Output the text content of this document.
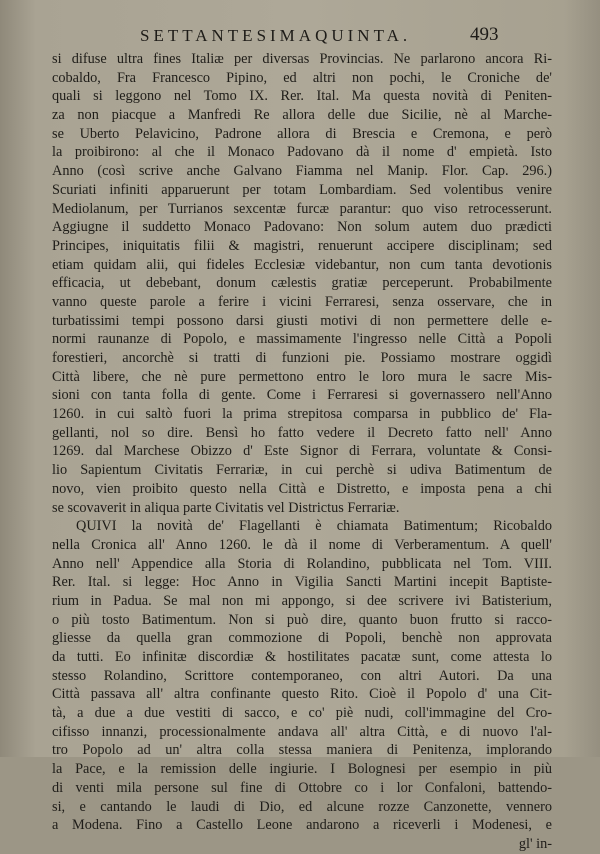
SETTANTESIMAQUINTA.	493
si difuse ultra fines Italiæ per diversas Provincias. Ne parlarono ancora Ri-
cobaldo, Fra Francesco Pipino, ed altri non pochi, le Croniche de'
quali si leggono nel Tomo IX. Rer. Ital. Ma questa novità di Peniten-
za non piacque a Manfredi Re allora delle due Sicilie, nè al Marche-
se Uberto Pelavicino, Padrone allora di Brescia e Cremona, e però
la proibirono: al che il Monaco Padovano dà il nome d' empietà. Isto
Anno (così scrive anche Galvano Fiamma nel Manip. Flor. Cap. 296.)
Scuriati infiniti apparuerunt per totam Lombardiam. Sed volentibus venire
Mediolanum, per Turrianos sexcentæ furcæ parantur: quo viso retrocesserunt.
Aggiugne il suddetto Monaco Padovano: Non solum autem duo prædicti
Principes, iniquitatis filii & magistri, renuerunt accipere disciplinam; sed
etiam quidam alii, qui fideles Ecclesiæ videbantur, non cum tanta devotionis
efficacia, ut debebant, donum cælestis gratiæ perceperunt. Probabilmente
vanno queste parole a ferire i vicini Ferraresi, senza osservare, che in
turbatissimi tempi possono darsi giusti motivi di non permettere delle e-
normi raunanze di Popolo, e massimamente l'ingresso nelle Città a Popoli
forestieri, ancorchè si tratti di funzioni pie. Possiamo mostrare oggidì
Città libere, che nè pure permettono entro le loro mura le sacre Mis-
sioni con tanta folla di gente. Come i Ferraresi si governassero nell'Anno
1260. in cui saltò fuori la prima strepitosa comparsa in pubblico de' Fla-
gellanti, nol so dire. Bensì ho fatto vedere il Decreto fatto nell' Anno
1269. dal Marchese Obizzo d' Este Signor di Ferrara, voluntate & Consi-
lio Sapientum Civitatis Ferrariæ, in cui perchè si udiva Batimentum de
novo, vien proibito questo nella Città e Distretto, e imposta pena a chi
se scovaverit in aliqua parte Civitatis vel Districtus Ferrariæ.
QUIVI la novità de' Flagellanti è chiamata Batimentum; Ricobaldo
nella Cronica all' Anno 1260. le dà il nome di Verberamentum. A quell'
Anno nell' Appendice alla Storia di Rolandino, pubblicata nel Tom. VIII.
Rer. Ital. si legge: Hoc Anno in Vigilia Sancti Martini incepit Baptiste-
rium in Padua. Se mal non mi appongo, si dee scrivere ivi Batisterium,
o più tosto Batimentum. Non si può dire, quanto buon frutto si racco-
gliesse da quella gran commozione di Popoli, benchè non approvata
da tutti. Eo infinitæ discordiæ & hostilitates pacatæ sunt, come attesta lo
stesso Rolandino, Scrittore contemporaneo, con altri Autori. Da una
Città passava all' altra confinante questo Rito. Cioè il Popolo d' una Cit-
tà, a due a due vestiti di sacco, e co' piè nudi, coll'immagine del Cro-
cifisso innanzi, processionalmente andava all' altra Città, e di nuovo l'al-
tro Popolo ad un' altra colla stessa maniera di Penitenza, implorando
la Pace, e la remission delle ingiurie. I Bolognesi per esempio in più
di venti mila persone sul fine di Ottobre co i lor Confaloni, battendo-
si, e cantando le laudi di Dio, ed alcune rozze Canzonette, vennero
a Modena. Fino a Castello Leone andarono a riceverli i Modenesi, e
gl' in-
